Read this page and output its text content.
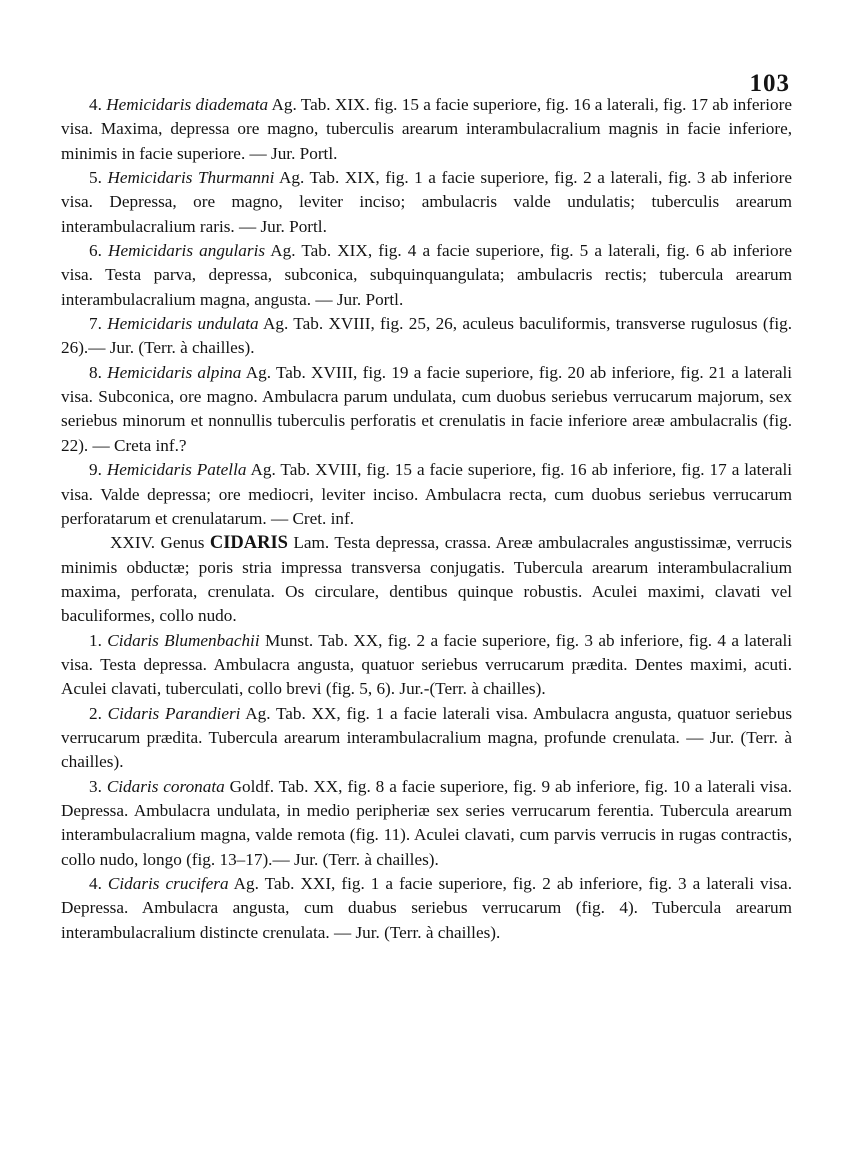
103

4. Hemicidaris diademata Ag. Tab. XIX. fig. 15 a facie superiore, fig. 16 a laterali, fig. 17 ab inferiore visa. Maxima, depressa ore magno, tuberculis arearum interambulacralium magnis in facie inferiore, minimis in facie superiore. — Jur. Portl.

5. Hemicidaris Thurmanni Ag. Tab. XIX, fig. 1 a facie superiore, fig. 2 a laterali, fig. 3 ab inferiore visa. Depressa, ore magno, leviter inciso; ambulacris valde undulatis; tuberculis arearum interambulacralium raris. — Jur. Portl.

6. Hemicidaris angularis Ag. Tab. XIX, fig. 4 a facie superiore, fig. 5 a laterali, fig. 6 ab inferiore visa. Testa parva, depressa, subconica, subquinquangulata; ambulacris rectis; tubercula arearum interambulacralium magna, angusta. — Jur. Portl.

7. Hemicidaris undulata Ag. Tab. XVIII, fig. 25, 26, aculeus baculiformis, transverse rugulosus (fig. 26).— Jur. (Terr. à chailles).

8. Hemicidaris alpina Ag. Tab. XVIII, fig. 19 a facie superiore, fig. 20 ab inferiore, fig. 21 a laterali visa. Subconica, ore magno. Ambulacra parum undulata, cum duobus seriebus verrucarum majorum, sex seriebus minorum et nonnullis tuberculis perforatis et crenulatis in facie inferiore areæ ambulacralis (fig. 22). — Creta inf.?

9. Hemicidaris Patella Ag. Tab. XVIII, fig. 15 a facie superiore, fig. 16 ab inferiore, fig. 17 a laterali visa. Valde depressa; ore mediocri, leviter inciso. Ambulacra recta, cum duobus seriebus verrucarum perforatarum et crenulatarum. — Cret. inf.

XXIV. Genus CIDARIS Lam. Testa depressa, crassa. Areæ ambulacrales angustissimæ, verrucis minimis obductæ; poris stria impressa transversa conjugatis. Tubercula arearum interambulacralium maxima, perforata, crenulata. Os circulare, dentibus quinque robustis. Aculei maximi, clavati vel baculiformes, collo nudo.

1. Cidaris Blumenbachii Munst. Tab. XX, fig. 2 a facie superiore, fig. 3 ab inferiore, fig. 4 a laterali visa. Testa depressa. Ambulacra angusta, quatuor seriebus verrucarum prædita. Dentes maximi, acuti. Aculei clavati, tuberculati, collo brevi (fig. 5, 6). Jur.-(Terr. à chailles).

2. Cidaris Parandieri Ag. Tab. XX, fig. 1 a facie laterali visa. Ambulacra angusta, quatuor seriebus verrucarum prædita. Tubercula arearum interambulacralium magna, profunde crenulata. — Jur. (Terr. à chailles).

3. Cidaris coronata Goldf. Tab. XX, fig. 8 a facie superiore, fig. 9 ab inferiore, fig. 10 a laterali visa. Depressa. Ambulacra undulata, in medio peripheriæ sex series verrucarum ferentia. Tubercula arearum interambulacralium magna, valde remota (fig. 11). Aculei clavati, cum parvis verrucis in rugas contractis, collo nudo, longo (fig. 13–17).— Jur. (Terr. à chailles).

4. Cidaris crucifera Ag. Tab. XXI, fig. 1 a facie superiore, fig. 2 ab inferiore, fig. 3 a laterali visa. Depressa. Ambulacra angusta, cum duabus seriebus verrucarum (fig. 4). Tubercula arearum interambulacralium distincte crenulata. — Jur. (Terr. à chailles).
